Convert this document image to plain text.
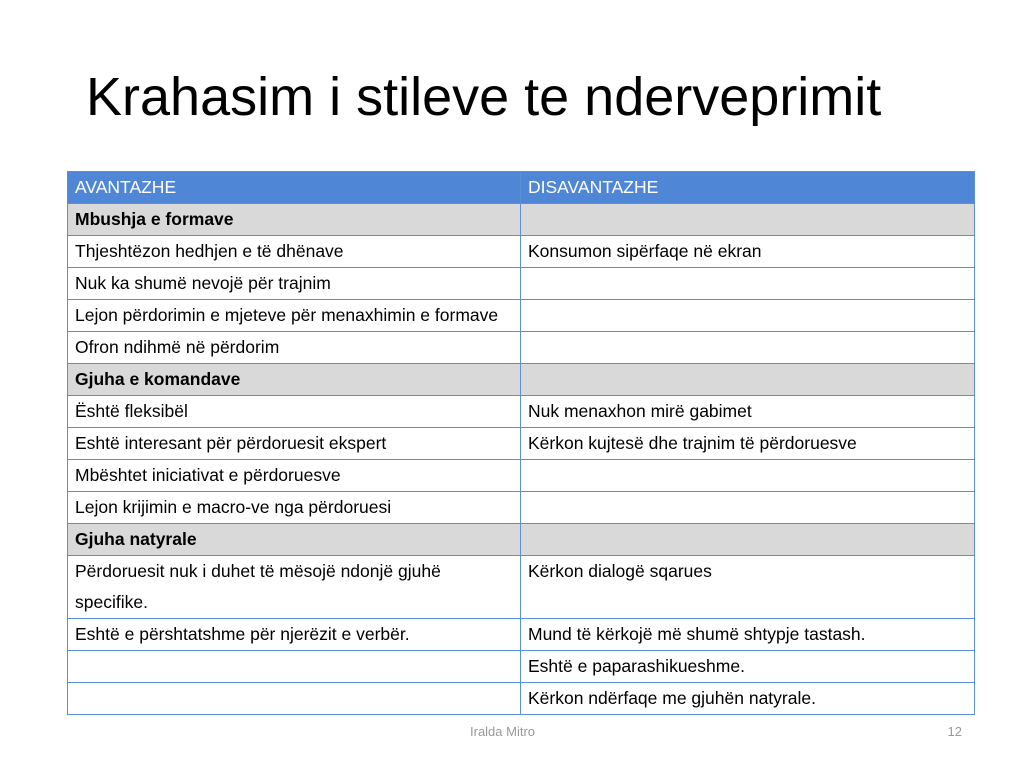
Krahasim i stileve te nderveprimit
AVANTAZHE	DISAVANTAZHE
Mbushja e formave	
Thjeshtëzon hedhjen e të dhënave	Konsumon sipërfaqe në ekran
Nuk ka shumë nevojë për trajnim	
Lejon përdorimin e mjeteve për menaxhimin e formave	
Ofron ndihmë në përdorim	
Gjuha e komandave	
Është fleksibël	Nuk menaxhon mirë gabimet
Eshtë interesant për përdoruesit ekspert	Kërkon kujtesë dhe trajnim të përdoruesve
Mbështet iniciativat e përdoruesve	
Lejon krijimin e macro-ve nga përdoruesi	
Gjuha natyrale	
Përdoruesit nuk i duhet të mësojë ndonjë gjuhë specifike.	Kërkon dialogë sqarues
Eshtë e përshtatshme për njerëzit e verbër.	Mund të kërkojë më shumë shtypje tastash.
	Eshtë e paparashikueshme.
	Kërkon ndërfaqe me gjuhën natyrale.
Iralda Mitro	12
